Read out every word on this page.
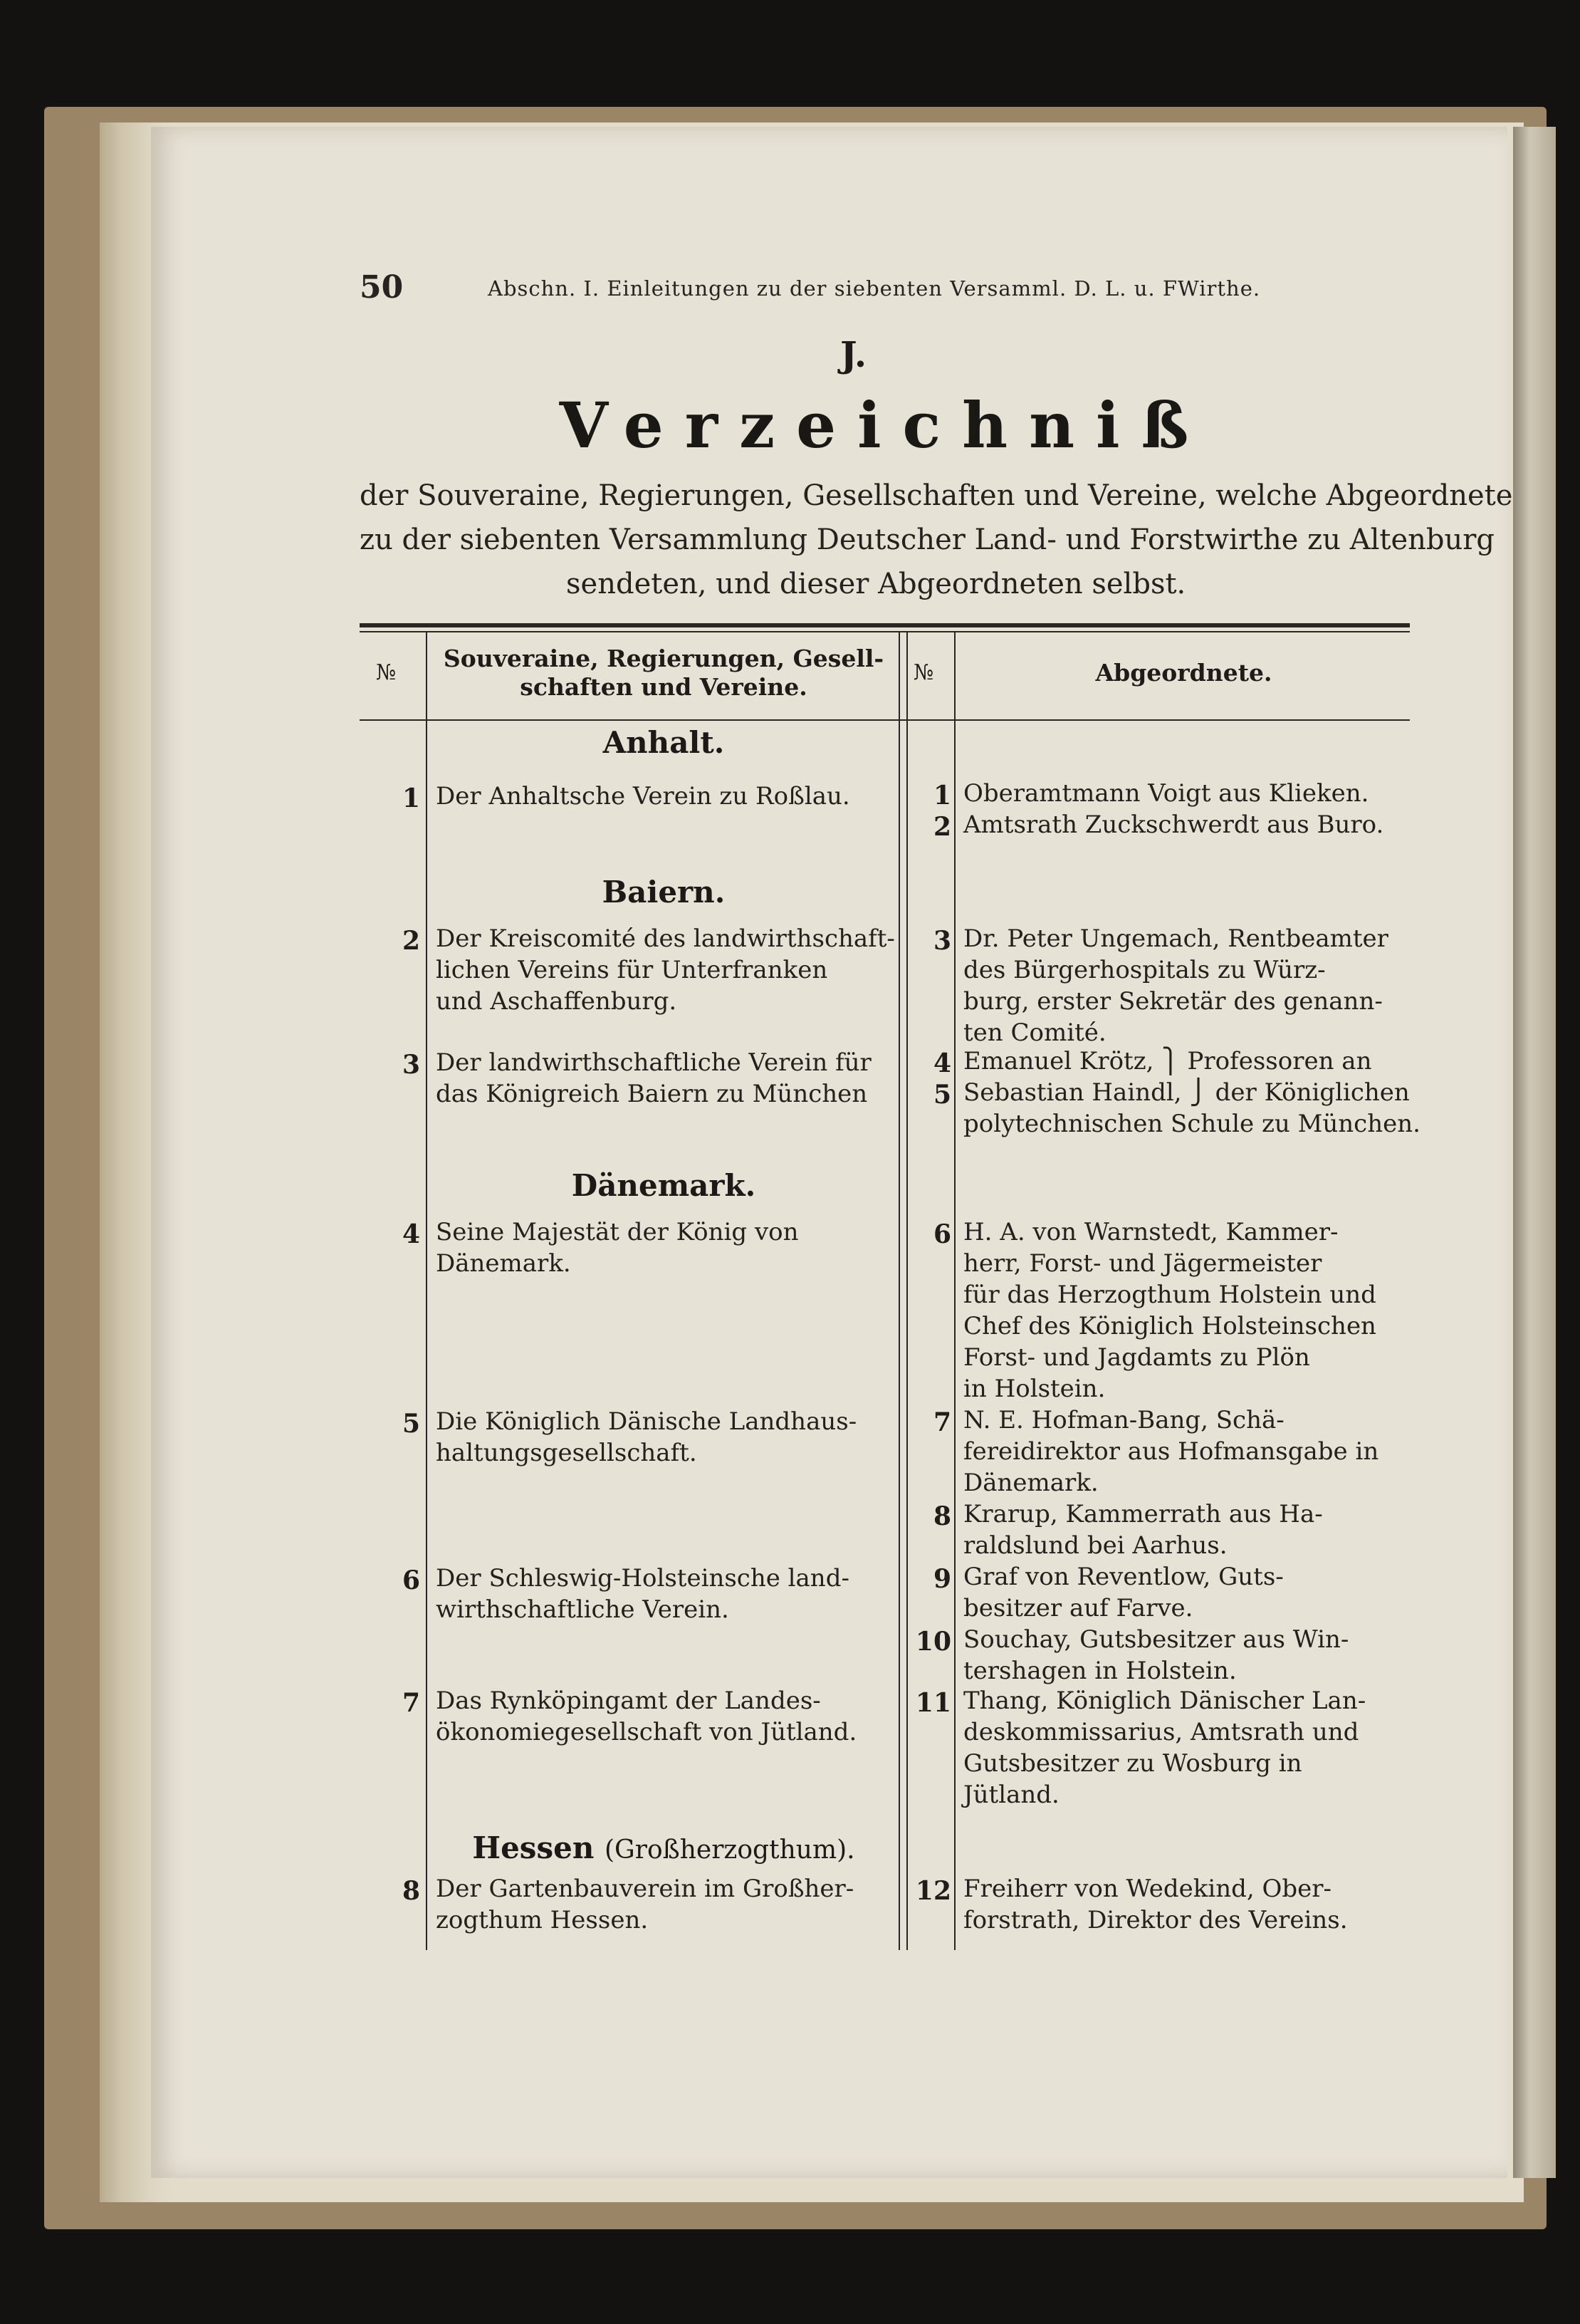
50	Abschn. I. Einleitungen zu der siebenten Versamml. D. L. u. FWirthe.
J.
Verzeichniß
der Souveraine, Regierungen, Gesellschaften und Vereine, welche Abgeordnete
zu der siebenten Versammlung Deutscher Land- und Forstwirthe zu Altenburg
sendeten, und dieser Abgeordneten selbst.
№
Souveraine, Regierungen, Gesell-
schaften und Vereine.
№	Abgeordnete.
Anhalt.
Baiern.
Dänemark.
Hessen (Großherzogthum).
1 Der Anhaltsche Verein zu Roßlau.
2 Der Kreiscomité des landwirthschaft-
lichen Vereins für Unterfranken
und Aschaffenburg.
3 Der landwirthschaftliche Verein für
das Königreich Baiern zu München
4 Seine Majestät der König von
Dänemark.
5 Die Königlich Dänische Landhaus-
haltungsgesellschaft.
6 Der Schleswig-Holsteinsche land-
wirthschaftliche Verein.
7 Das Rynköpingamt der Landes-
ökonomiegesellschaft von Jütland.
8 Der Gartenbauverein im Großher-
zogthum Hessen.
1 Oberamtmann Voigt aus Klieken.
2 Amtsrath Zuckschwerdt aus Buro.
3 Dr. Peter Ungemach, Rentbeamter
des Bürgerhospitals zu Würz-
burg, erster Sekretär des genann-
ten Comité.
4 Emanuel Krötz, ⎫ Professoren an
5 Sebastian Haindl, ⎭ der Königlichen
polytechnischen Schule zu München.
6 H. A. von Warnstedt, Kammer-
herr, Forst- und Jägermeister
für das Herzogthum Holstein und
Chef des Königlich Holsteinschen
Forst- und Jagdamts zu Plön
in Holstein.
7 N. E. Hofman-Bang, Schä-
fereidirektor aus Hofmansgabe in
Dänemark.
8 Krarup, Kammerrath aus Ha-
raldslund bei Aarhus.
9 Graf von Reventlow, Guts-
besitzer auf Farve.
10 Souchay, Gutsbesitzer aus Win-
tershagen in Holstein.
11 Thang, Königlich Dänischer Lan-
deskommissarius, Amtsrath und
Gutsbesitzer zu Wosburg in
Jütland.
12 Freiherr von Wedekind, Ober-
forstrath, Direktor des Vereins.
